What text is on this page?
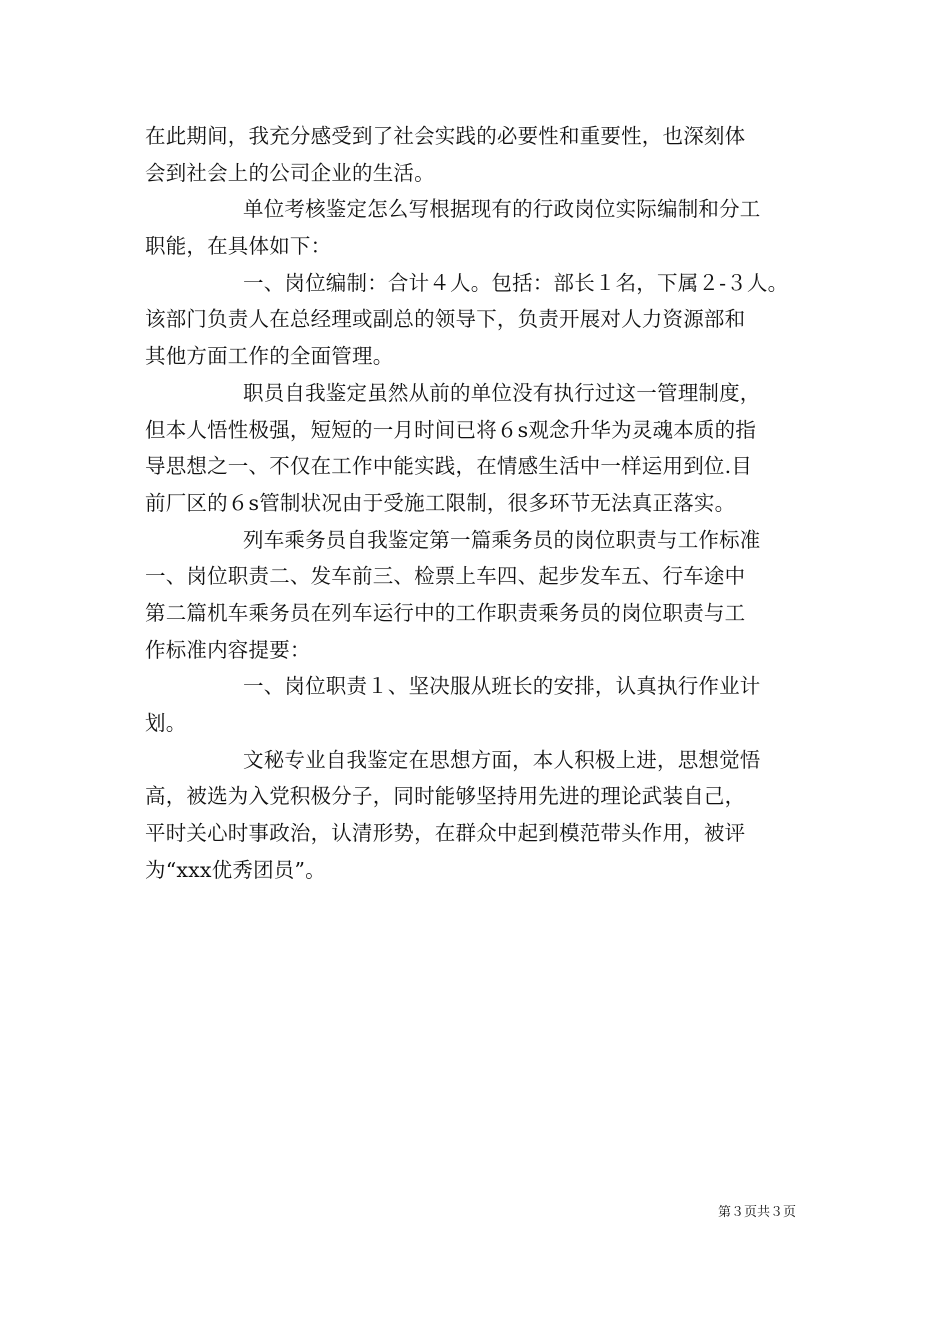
在此期间，我充分感受到了社会实践的必要性和重要性，也深刻体
会到社会上的公司企业的生活。
单位考核鉴定怎么写根据现有的行政岗位实际编制和分工
职能，在具体如下：
一、岗位编制：合计４人。包括：部长１名，下属２-３人。
该部门负责人在总经理或副总的领导下，负责开展对人力资源部和
其他方面工作的全面管理。
职员自我鉴定虽然从前的单位没有执行过这一管理制度，
但本人悟性极强，短短的一月时间已将６s观念升华为灵魂本质的指
导思想之一、不仅在工作中能实践，在情感生活中一样运用到位.目
前厂区的６s管制状况由于受施工限制，很多环节无法真正落实。
列车乘务员自我鉴定第一篇乘务员的岗位职责与工作标准
一、岗位职责二、发车前三、检票上车四、起步发车五、行车途中
第二篇机车乘务员在列车运行中的工作职责乘务员的岗位职责与工
作标准内容提要：
一、岗位职责１、坚决服从班长的安排，认真执行作业计
划。
文秘专业自我鉴定在思想方面，本人积极上进，思想觉悟
高，被选为入党积极分子，同时能够坚持用先进的理论武装自己，
平时关心时事政治，认清形势，在群众中起到模范带头作用，被评
为“xxx优秀团员”。
第３页共３页
